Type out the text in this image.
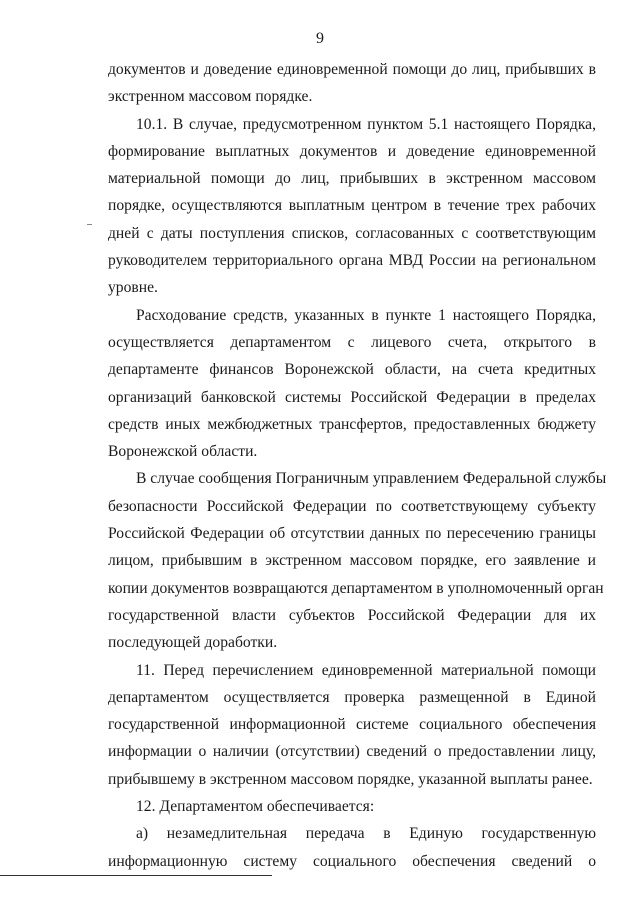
9
документов и доведение единовременной помощи до лиц, прибывших в
экстренном массовом порядке.
10.1. В случае, предусмотренном пунктом 5.1 настоящего Порядка,
формирование выплатных документов и доведение единовременной
материальной помощи до лиц, прибывших в экстренном массовом
порядке, осуществляются выплатным центром в течение трех рабочих
дней с даты поступления списков, согласованных с соответствующим
руководителем территориального органа МВД России на региональном
уровне.
Расходование средств, указанных в пункте 1 настоящего Порядка,
осуществляется департаментом с лицевого счета, открытого в
департаменте финансов Воронежской области, на счета кредитных
организаций банковской системы Российской Федерации в пределах
средств иных межбюджетных трансфертов, предоставленных бюджету
Воронежской области.
В случае сообщения Пограничным управлением Федеральной службы
безопасности Российской Федерации по соответствующему субъекту
Российской Федерации об отсутствии данных по пересечению границы
лицом, прибывшим в экстренном массовом порядке, его заявление и
копии документов возвращаются департаментом в уполномоченный орган
государственной власти субъектов Российской Федерации для их
последующей доработки.
11. Перед перечислением единовременной материальной помощи
департаментом осуществляется проверка размещенной в Единой
государственной информационной системе социального обеспечения
информации о наличии (отсутствии) сведений о предоставлении лицу,
прибывшему в экстренном массовом порядке, указанной выплаты ранее.
12. Департаментом обеспечивается:
а) незамедлительная передача в Единую государственную
информационную систему социального обеспечения сведений о
